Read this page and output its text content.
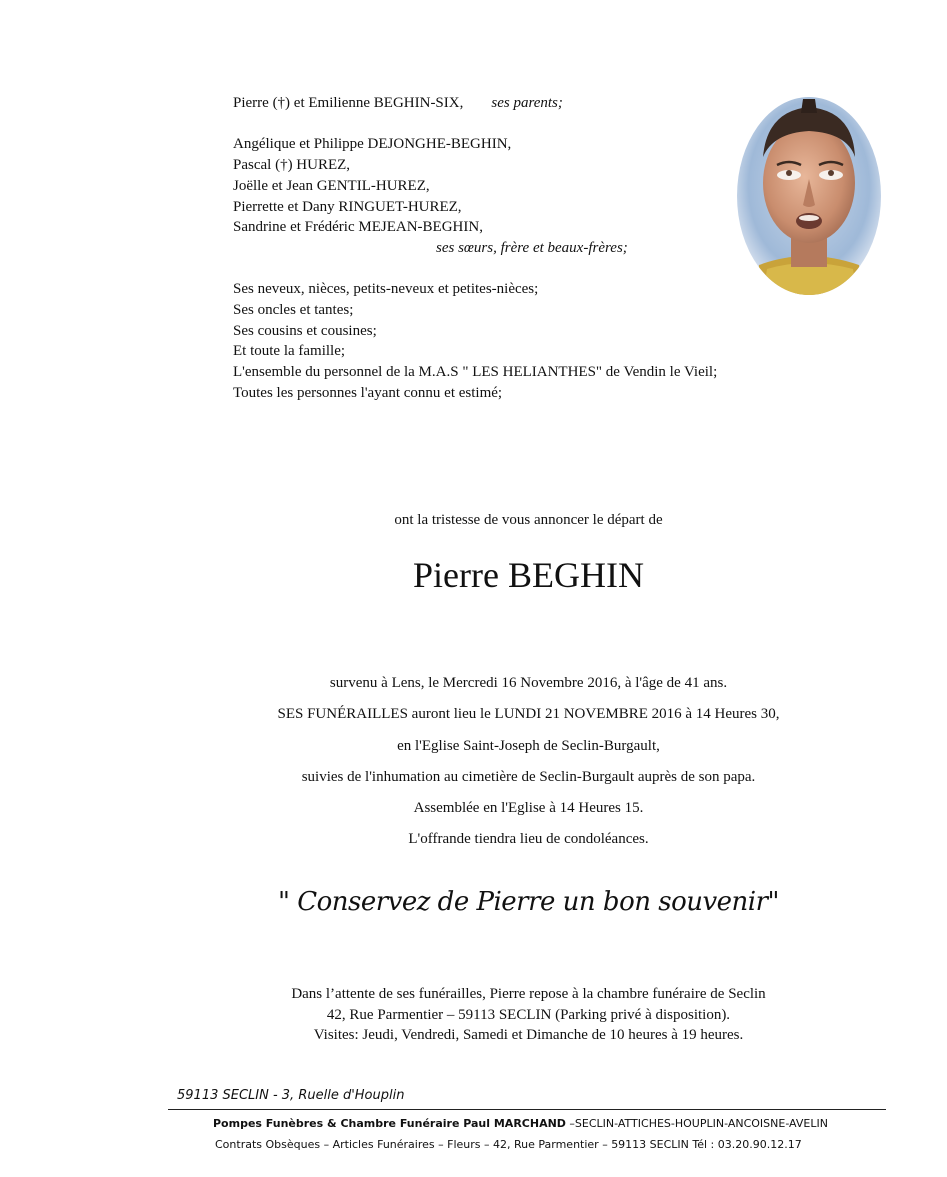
Pierre (†) et Emilienne BEGHIN-SIX, ses parents;
Angélique et Philippe DEJONGHE-BEGHIN,
Pascal (†) HUREZ,
Joëlle et Jean GENTIL-HUREZ,
Pierrette et Dany RINGUET-HUREZ,
Sandrine et Frédéric MEJEAN-BEGHIN,
ses sœurs, frère et beaux-frères;
Ses neveux, nièces, petits-neveux et petites-nièces;
Ses oncles et tantes;
Ses cousins et cousines;
Et toute la famille;
L'ensemble du personnel de la M.A.S " LES HELIANTHES" de Vendin le Vieil;
Toutes les personnes l'ayant connu et estimé;
ont la tristesse de vous annoncer le départ de
Pierre BEGHIN
survenu à Lens, le Mercredi 16 Novembre 2016, à l'âge de 41 ans.
SES FUNÉRAILLES auront lieu le LUNDI 21 NOVEMBRE 2016 à 14 Heures 30,
en l'Eglise Saint-Joseph de Seclin-Burgault,
suivies de l'inhumation au cimetière de Seclin-Burgault auprès de son papa.
Assemblée en l'Eglise à 14 Heures 15.
L'offrande tiendra lieu de condoléances.
" Conservez de Pierre un bon souvenir"
Dans l’attente de ses funérailles, Pierre repose à la chambre funéraire de Seclin
42, Rue Parmentier – 59113 SECLIN (Parking privé à disposition).
Visites: Jeudi, Vendredi, Samedi et Dimanche de 10 heures à 19 heures.
59113 SECLIN - 3, Ruelle d'Houplin
Pompes Funèbres & Chambre Funéraire Paul MARCHAND –SECLIN-ATTICHES-HOUPLIN-ANCOISNE-AVELIN
Contrats Obsèques – Articles Funéraires – Fleurs – 42, Rue Parmentier – 59113 SECLIN Tél : 03.20.90.12.17
